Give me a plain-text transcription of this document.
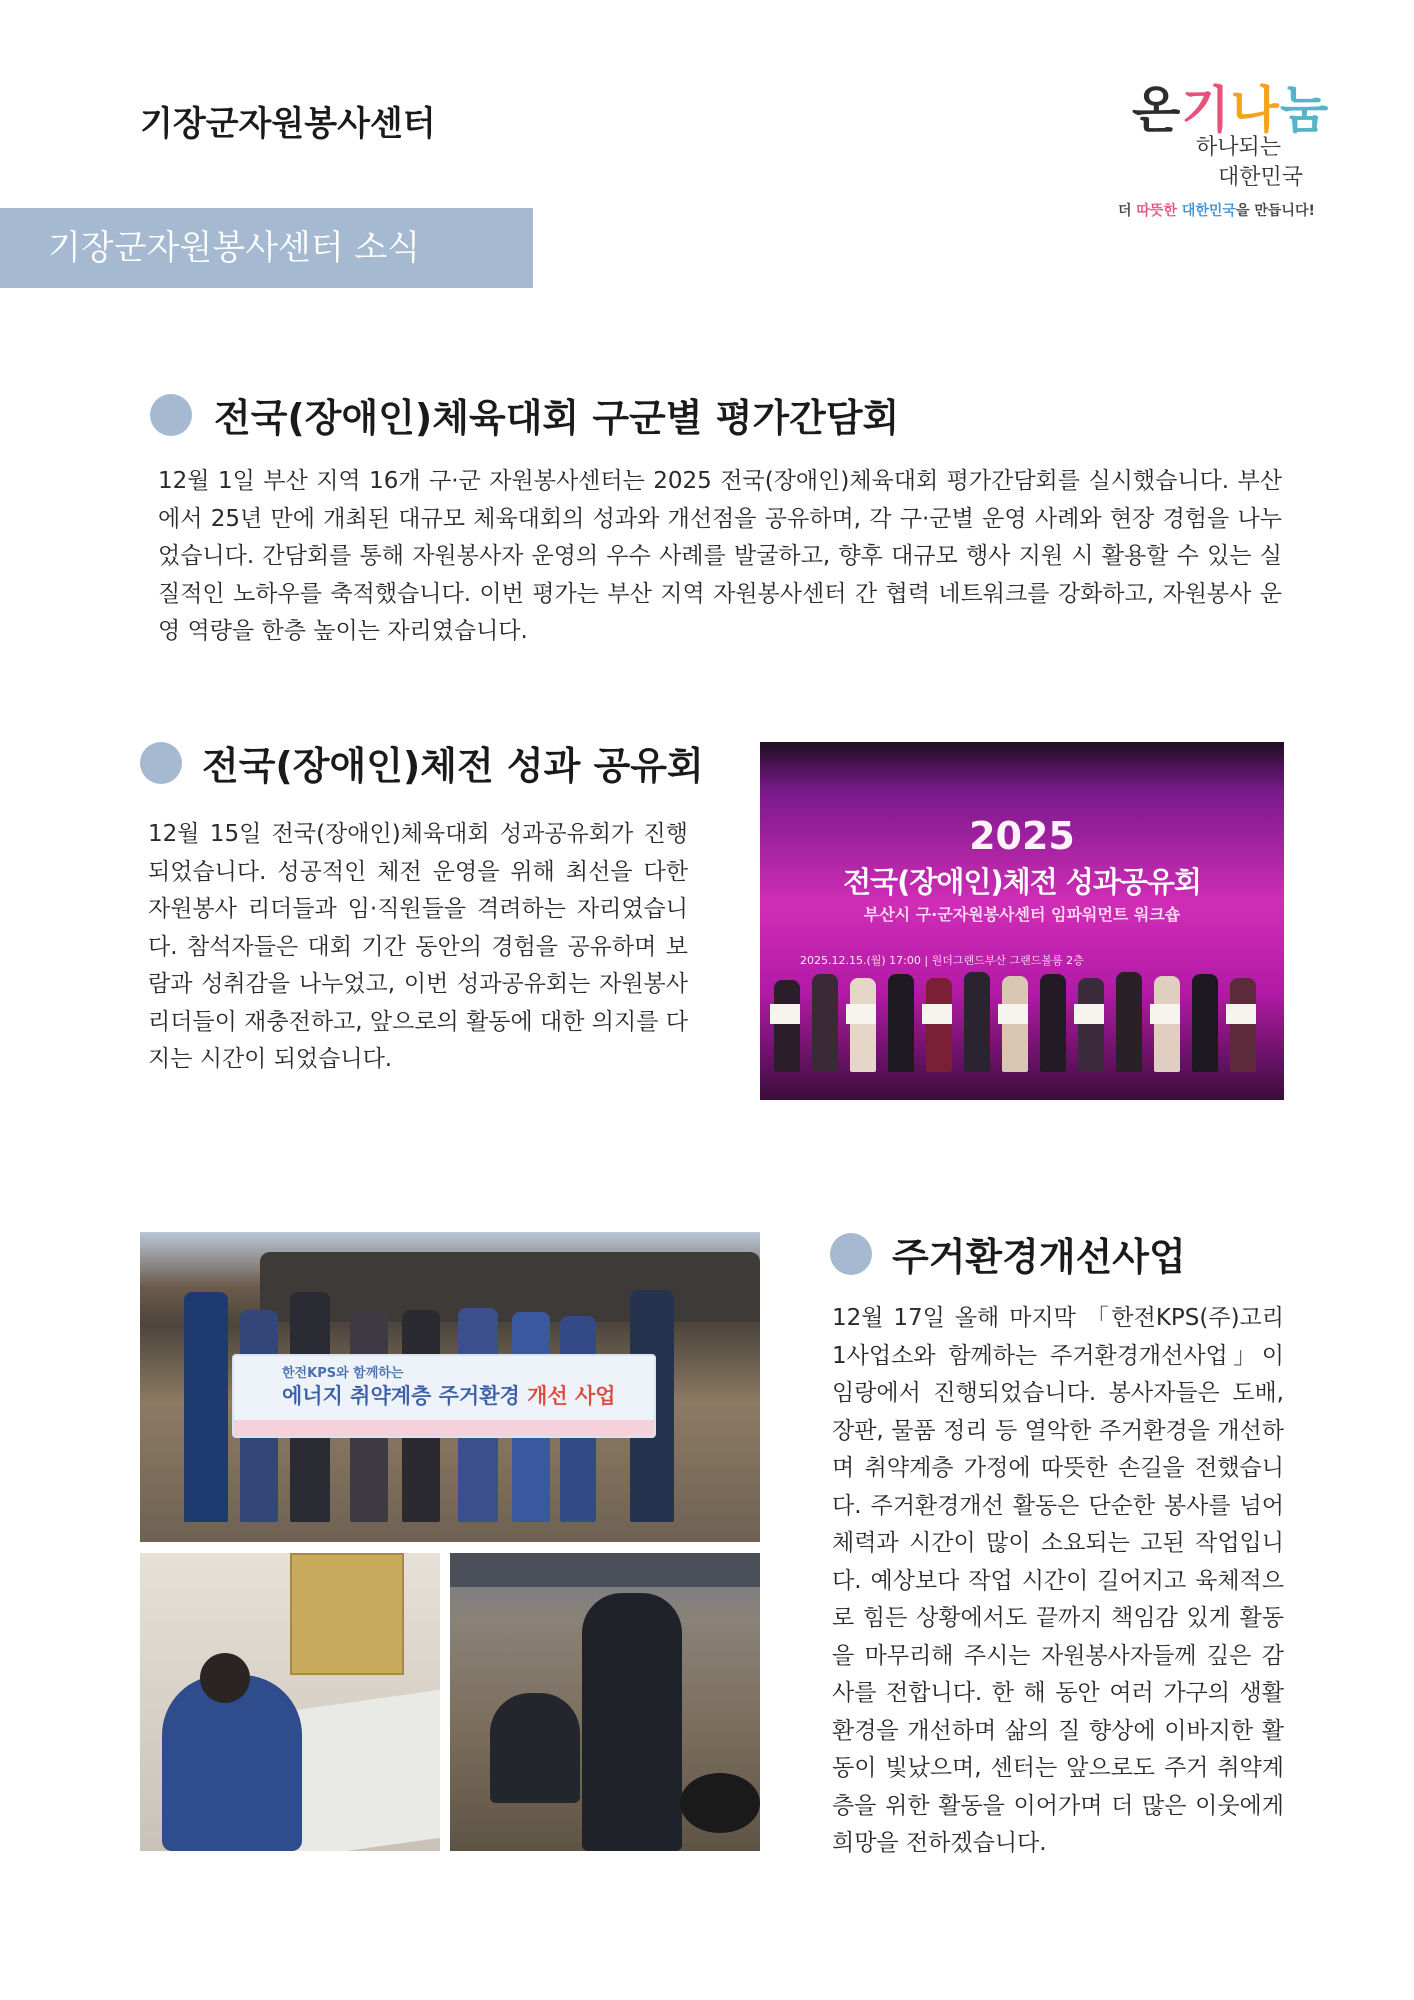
기장군자원봉사센터
기장군자원봉사센터 소식
온기나눔
하나되는
대한민국
더 따뜻한 대한민국을 만듭니다!
전국(장애인)체육대회 구군별 평가간담회

12월 1일 부산 지역 16개 구·군 자원봉사센터는 2025 전국(장애인)체육대회 평가간담회를 실시했습니다. 부산에서 25년 만에 개최된 대규모 체육대회의 성과와 개선점을 공유하며, 각 구·군별 운영 사례와 현장 경험을 나누었습니다. 간담회를 통해 자원봉사자 운영의 우수 사례를 발굴하고, 향후 대규모 행사 지원 시 활용할 수 있는 실질적인 노하우를 축적했습니다. 이번 평가는 부산 지역 자원봉사센터 간 협력 네트워크를 강화하고, 자원봉사 운영 역량을 한층 높이는 자리였습니다.

전국(장애인)체전 성과 공유회

12월 15일 전국(장애인)체육대회 성과공유회가 진행되었습니다. 성공적인 체전 운영을 위해 최선을 다한 자원봉사 리더들과 임·직원들을 격려하는 자리였습니다. 참석자들은 대회 기간 동안의 경험을 공유하며 보람과 성취감을 나누었고, 이번 성과공유회는 자원봉사 리더들이 재충전하고, 앞으로의 활동에 대한 의지를 다지는 시간이 되었습니다.

2025
전국(장애인)체전 성과공유회
부산시 구·군자원봉사센터 임파워먼트 워크숍
2025.12.15.(월) 17:00 | 원더그랜드부산 그랜드볼룸 2층
한전KPS와 함께하는
에너지 취약계층 주거환경 개선 사업
주거환경개선사업

12월 17일 올해 마지막 「한전KPS(주)고리1사업소와 함께하는 주거환경개선사업」이 임랑에서 진행되었습니다. 봉사자들은 도배, 장판, 물품 정리 등 열악한 주거환경을 개선하며 취약계층 가정에 따뜻한 손길을 전했습니다. 주거환경개선 활동은 단순한 봉사를 넘어 체력과 시간이 많이 소요되는 고된 작업입니다. 예상보다 작업 시간이 길어지고 육체적으로 힘든 상황에서도 끝까지 책임감 있게 활동을 마무리해 주시는 자원봉사자들께 깊은 감사를 전합니다. 한 해 동안 여러 가구의 생활 환경을 개선하며 삶의 질 향상에 이바지한 활동이 빛났으며, 센터는 앞으로도 주거 취약계층을 위한 활동을 이어가며 더 많은 이웃에게 희망을 전하겠습니다.
